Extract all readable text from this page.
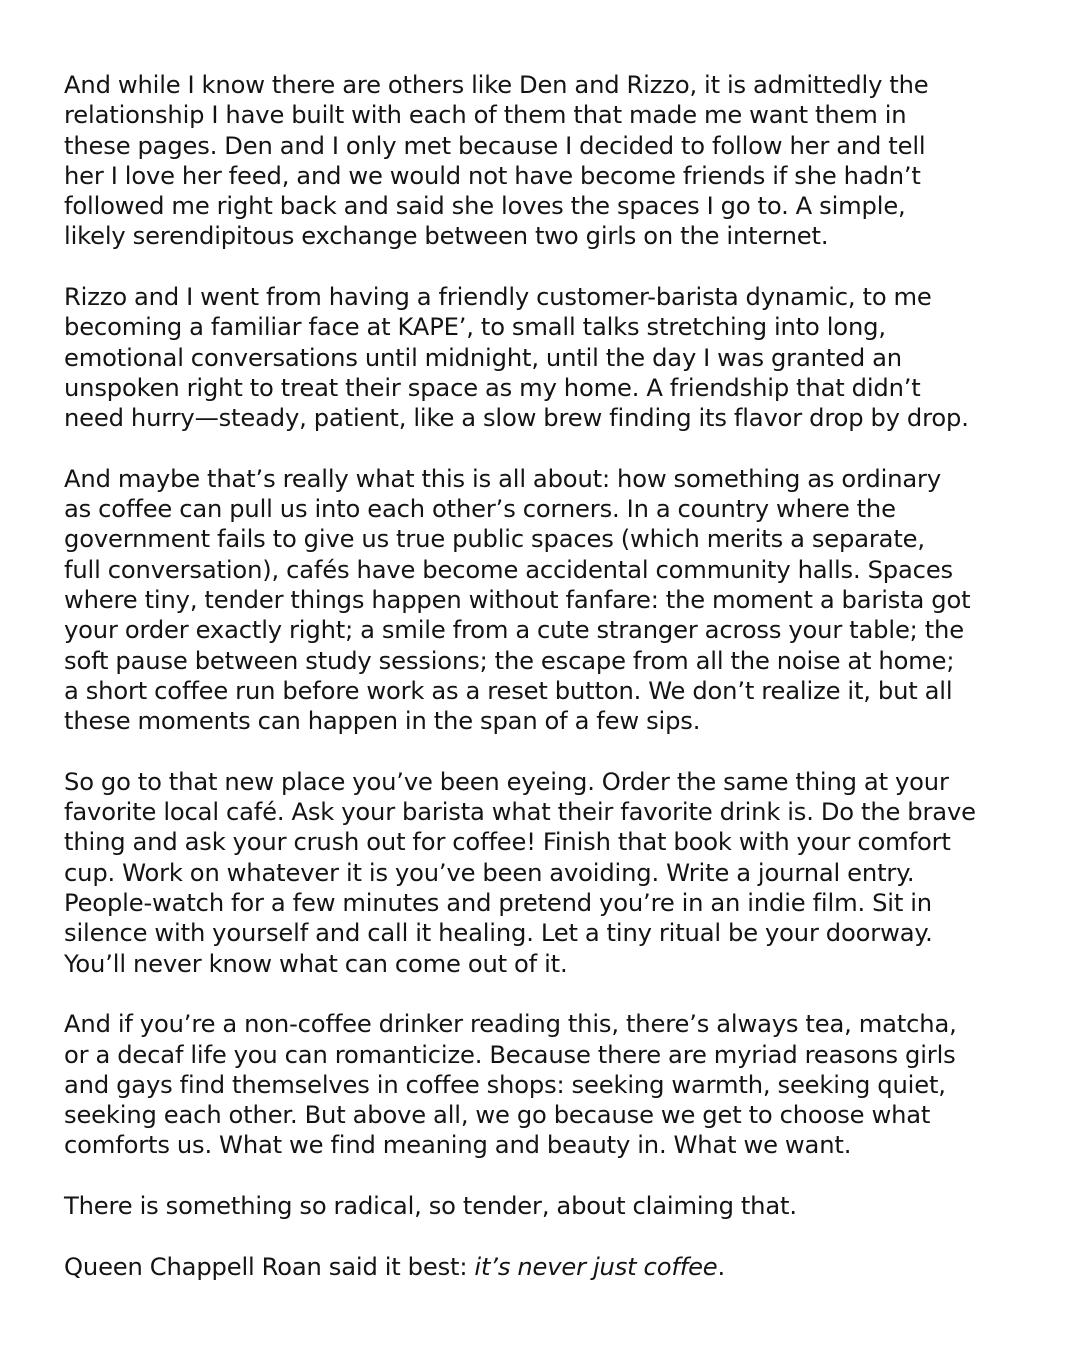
And while I know there are others like Den and Rizzo, it is admittedly the
relationship I have built with each of them that made me want them in
these pages. Den and I only met because I decided to follow her and tell
her I love her feed, and we would not have become friends if she hadn’t
followed me right back and said she loves the spaces I go to. A simple,
likely serendipitous exchange between two girls on the internet.

Rizzo and I went from having a friendly customer-barista dynamic, to me
becoming a familiar face at KAPE’, to small talks stretching into long,
emotional conversations until midnight, until the day I was granted an
unspoken right to treat their space as my home. A friendship that didn’t
need hurry—steady, patient, like a slow brew finding its flavor drop by drop.

And maybe that’s really what this is all about: how something as ordinary
as coffee can pull us into each other’s corners. In a country where the
government fails to give us true public spaces (which merits a separate,
full conversation), cafés have become accidental community halls. Spaces
where tiny, tender things happen without fanfare: the moment a barista got
your order exactly right; a smile from a cute stranger across your table; the
soft pause between study sessions; the escape from all the noise at home;
a short coffee run before work as a reset button. We don’t realize it, but all
these moments can happen in the span of a few sips.

So go to that new place you’ve been eyeing. Order the same thing at your
favorite local café. Ask your barista what their favorite drink is. Do the brave
thing and ask your crush out for coffee! Finish that book with your comfort
cup. Work on whatever it is you’ve been avoiding. Write a journal entry.
People-watch for a few minutes and pretend you’re in an indie film. Sit in
silence with yourself and call it healing. Let a tiny ritual be your doorway.
You’ll never know what can come out of it.

And if you’re a non-coffee drinker reading this, there’s always tea, matcha,
or a decaf life you can romanticize. Because there are myriad reasons girls
and gays find themselves in coffee shops: seeking warmth, seeking quiet,
seeking each other. But above all, we go because we get to choose what
comforts us. What we find meaning and beauty in. What we want.

There is something so radical, so tender, about claiming that.

Queen Chappell Roan said it best: it’s never just coffee.
